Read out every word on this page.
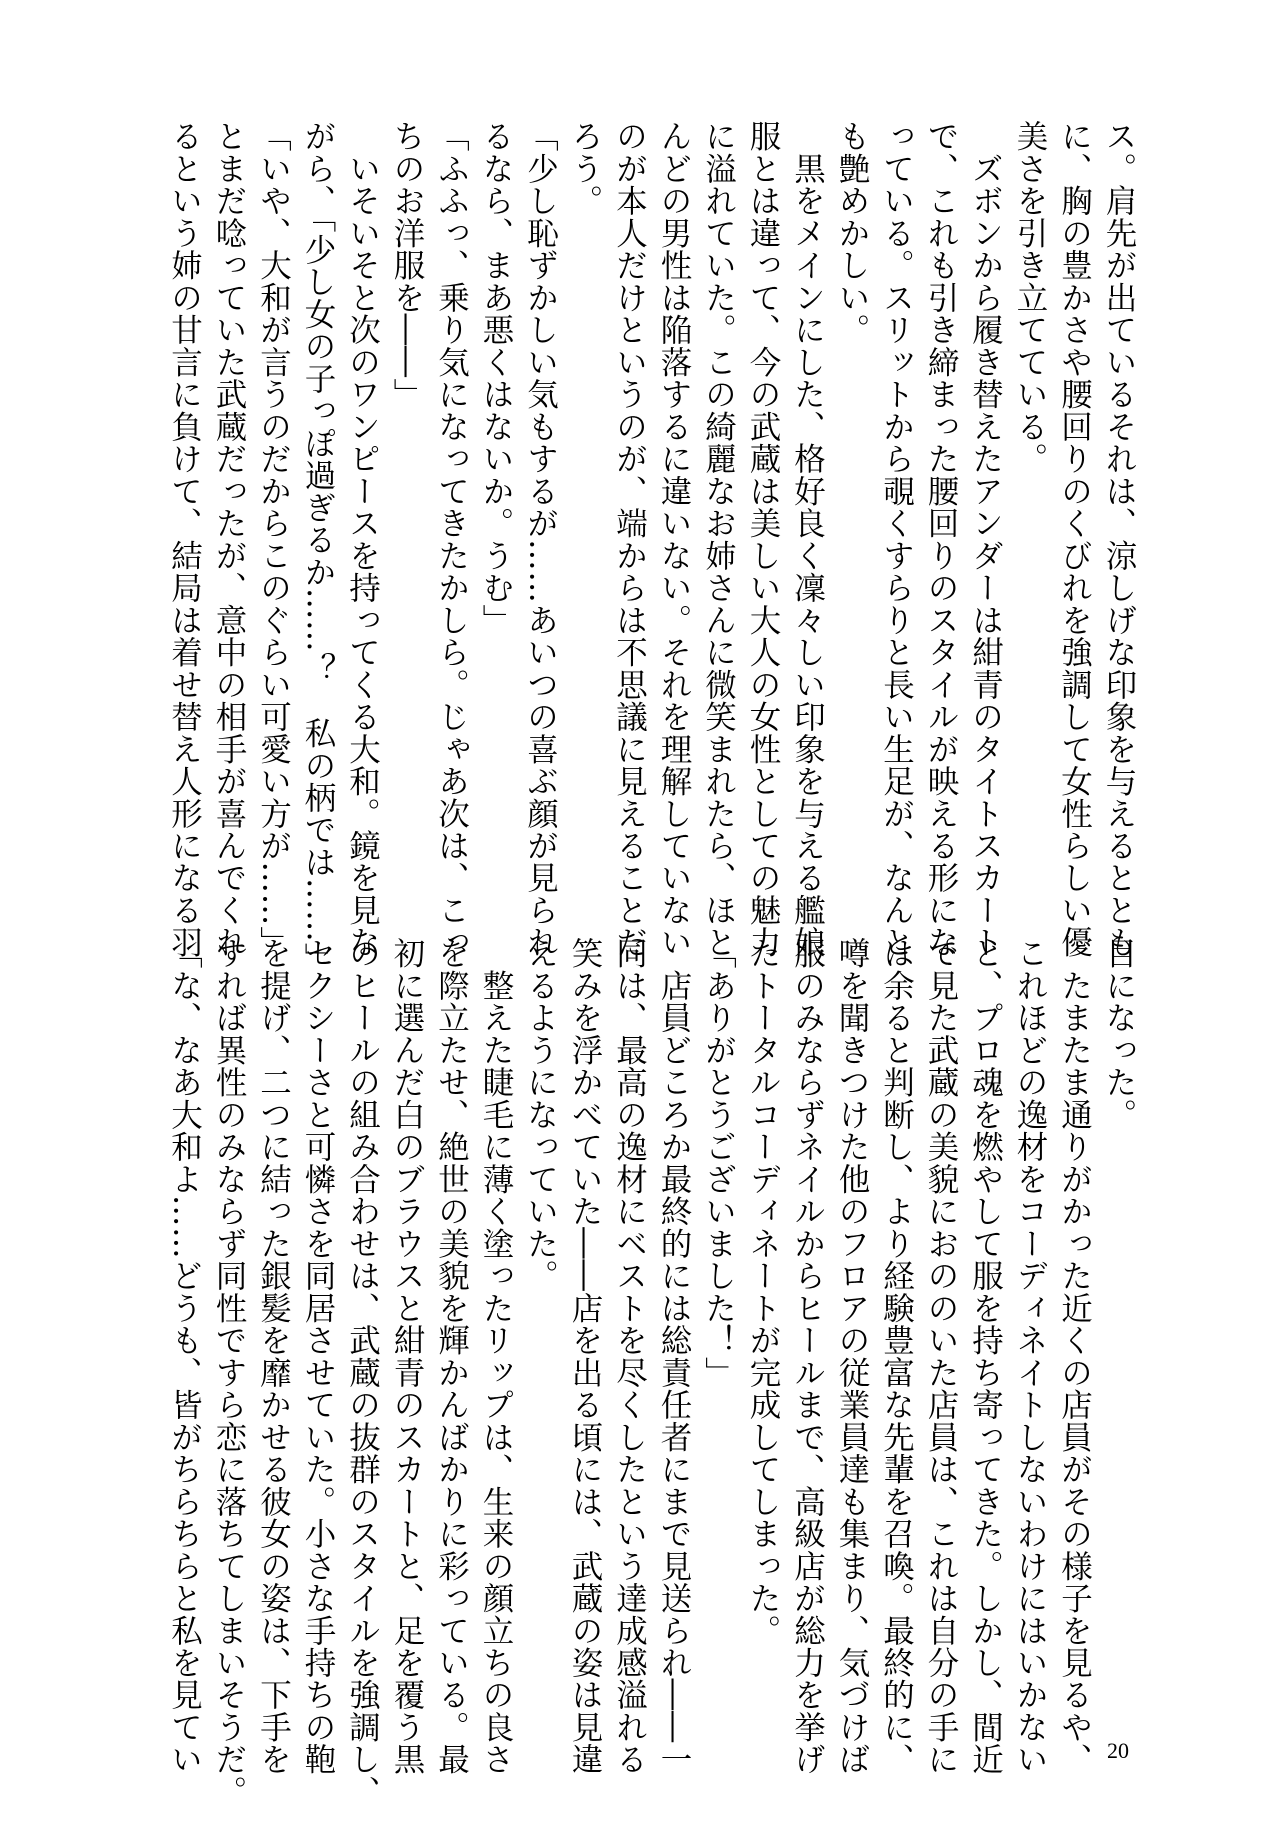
ス。肩先が出ているそれは、涼しげな印象を与えるととも
に、胸の豊かさや腰回りのくびれを強調して女性らしい優
美さを引き立てている。
　ズボンから履き替えたアンダーは紺青のタイトスカート
で、これも引き締まった腰回りのスタイルが映える形にな
っている。スリットから覗くすらりと長い生足が、なんと
も艶めかしい。
　黒をメインにした、格好良く凜々しい印象を与える艦娘
服とは違って、今の武蔵は美しい大人の女性としての魅力
に溢れていた。この綺麗なお姉さんに微笑まれたら、ほと
んどの男性は陥落するに違いない。それを理解していない
のが本人だけというのが、端からは不思議に見えることだ
ろう。
「少し恥ずかしい気もするが……あいつの喜ぶ顔が見られ
るなら、まあ悪くはないか。うむ」
「ふふっ、乗り気になってきたかしら。じゃあ次は、こっ
ちのお洋服を――」
　いそいそと次のワンピースを持ってくる大和。鏡を見な
がら、「少し女の子っぽ過ぎるか……？　私の柄では……」
「いや、大和が言うのだからこのぐらい可愛い方が……」
とまだ唸っていた武蔵だったが、意中の相手が喜んでくれ
るという姉の甘言に負けて、結局は着せ替え人形になる羽
目になった。
　たまたま通りがかった近くの店員がその様子を見るや、
これほどの逸材をコーディネイトしないわけにはいかない
と、プロ魂を燃やして服を持ち寄ってきた。しかし、間近
で見た武蔵の美貌におののいた店員は、これは自分の手に
は余ると判断し、より経験豊富な先輩を召喚。最終的に、
噂を聞きつけた他のフロアの従業員達も集まり、気づけば
服のみならずネイルからヒールまで、高級店が総力を挙げ
たトータルコーディネートが完成してしまった。
「ありがとうございました！」
　店員どころか最終的には総責任者にまで見送られ――一
同は、最高の逸材にベストを尽くしたという達成感溢れる
笑みを浮かべていた――店を出る頃には、武蔵の姿は見違
えるようになっていた。
　整えた睫毛に薄く塗ったリップは、生来の顔立ちの良さ
を際立たせ、絶世の美貌を輝かんばかりに彩っている。最
初に選んだ白のブラウスと紺青のスカートと、足を覆う黒
のヒールの組み合わせは、武蔵の抜群のスタイルを強調し、
セクシーさと可憐さを同居させていた。小さな手持ちの鞄
を提げ、二つに結った銀髪を靡かせる彼女の姿は、下手を
すれば異性のみならず同性ですら恋に落ちてしまいそうだ。
「な、なあ大和よ……どうも、皆がちらちらと私を見てい	20
